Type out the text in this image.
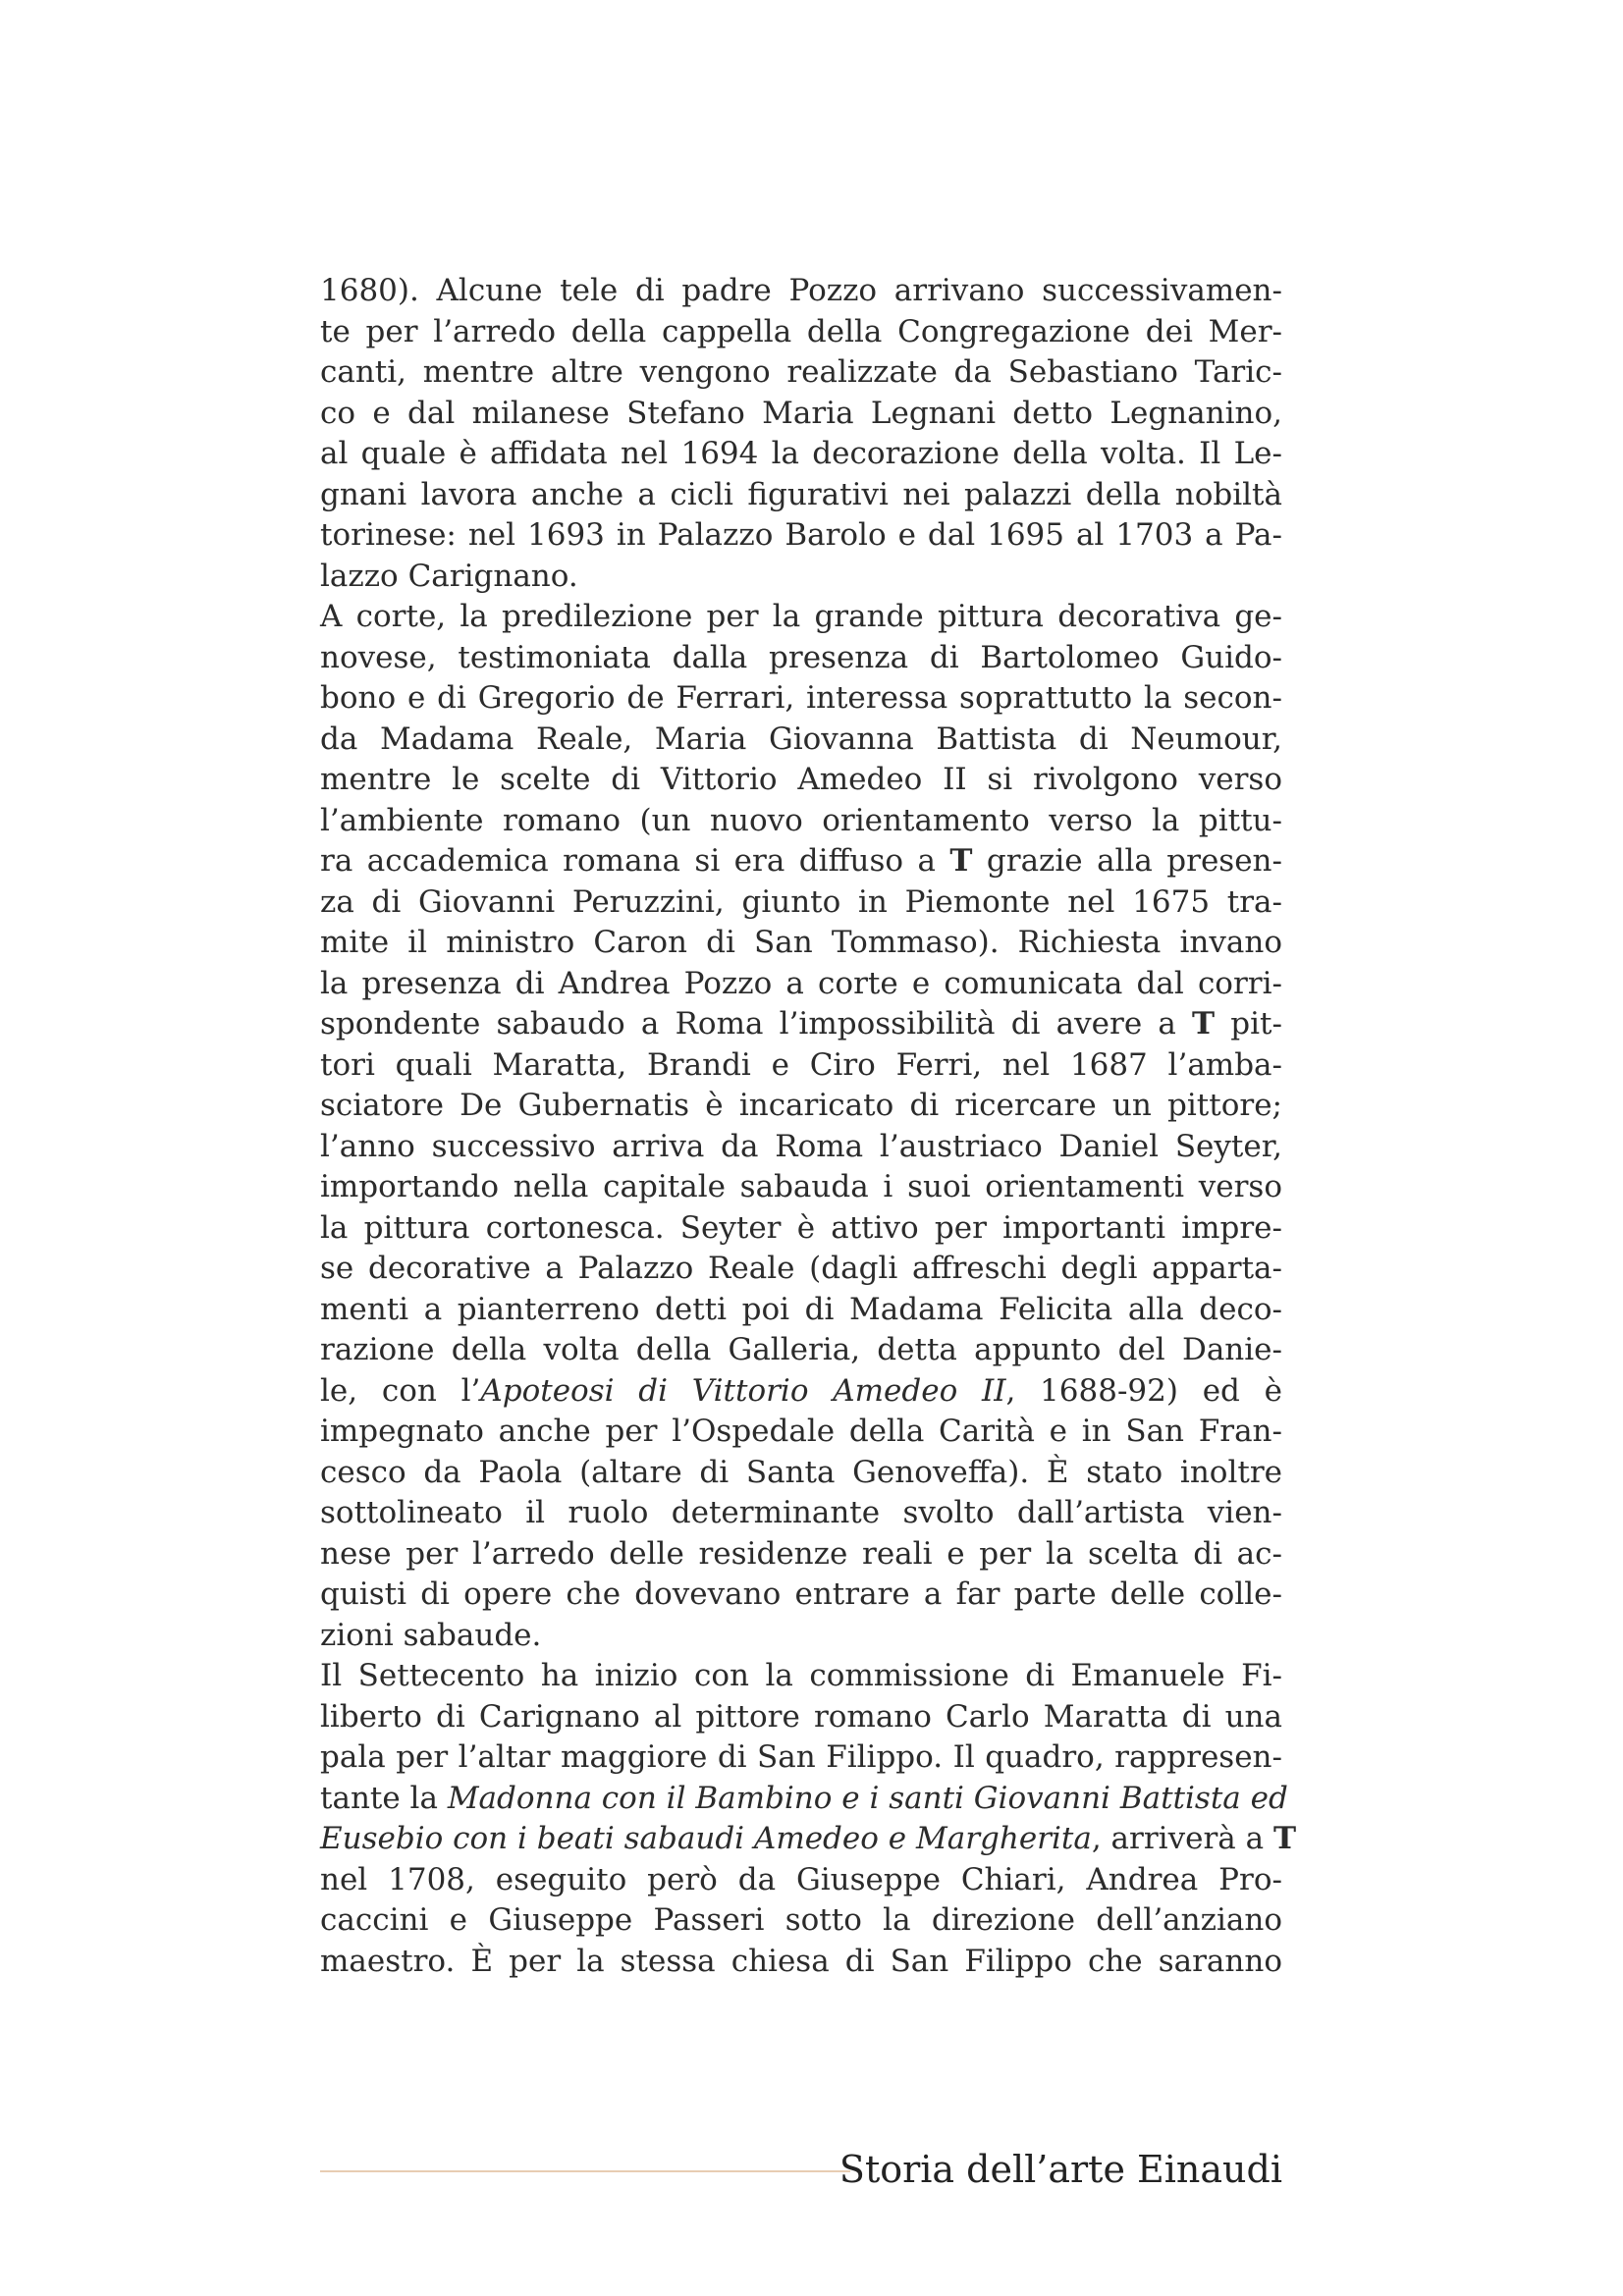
1680). Alcune tele di padre Pozzo arrivano successivamen-
te per l’arredo della cappella della Congregazione dei Mer-
canti, mentre altre vengono realizzate da Sebastiano Taric-
co e dal milanese Stefano Maria Legnani detto Legnanino,
al quale è affidata nel 1694 la decorazione della volta. Il Le-
gnani lavora anche a cicli figurativi nei palazzi della nobiltà
torinese: nel 1693 in Palazzo Barolo e dal 1695 al 1703 a Pa-
lazzo Carignano.
A corte, la predilezione per la grande pittura decorativa ge-
novese, testimoniata dalla presenza di Bartolomeo Guido-
bono e di Gregorio de Ferrari, interessa soprattutto la secon-
da Madama Reale, Maria Giovanna Battista di Neumour,
mentre le scelte di Vittorio Amedeo II si rivolgono verso
l’ambiente romano (un nuovo orientamento verso la pittu-
ra accademica romana si era diffuso a T grazie alla presen-
za di Giovanni Peruzzini, giunto in Piemonte nel 1675 tra-
mite il ministro Caron di San Tommaso). Richiesta invano
la presenza di Andrea Pozzo a corte e comunicata dal corri-
spondente sabaudo a Roma l’impossibilità di avere a T pit-
tori quali Maratta, Brandi e Ciro Ferri, nel 1687 l’amba-
sciatore De Gubernatis è incaricato di ricercare un pittore;
l’anno successivo arriva da Roma l’austriaco Daniel Seyter,
importando nella capitale sabauda i suoi orientamenti verso
la pittura cortonesca. Seyter è attivo per importanti impre-
se decorative a Palazzo Reale (dagli affreschi degli apparta-
menti a pianterreno detti poi di Madama Felicita alla deco-
razione della volta della Galleria, detta appunto del Danie-
le, con l’Apoteosi di Vittorio Amedeo II, 1688-92) ed è
impegnato anche per l’Ospedale della Carità e in San Fran-
cesco da Paola (altare di Santa Genoveffa). È stato inoltre
sottolineato il ruolo determinante svolto dall’artista vien-
nese per l’arredo delle residenze reali e per la scelta di ac-
quisti di opere che dovevano entrare a far parte delle colle-
zioni sabaude.
Il Settecento ha inizio con la commissione di Emanuele Fi-
liberto di Carignano al pittore romano Carlo Maratta di una
pala per l’altar maggiore di San Filippo. Il quadro, rappresen-
tante la Madonna con il Bambino e i santi Giovanni Battista ed
Eusebio con i beati sabaudi Amedeo e Margherita, arriverà a T
nel 1708, eseguito però da Giuseppe Chiari, Andrea Pro-
caccini e Giuseppe Passeri sotto la direzione dell’anziano
maestro. È per la stessa chiesa di San Filippo che saranno
Storia dell’arte Einaudi
